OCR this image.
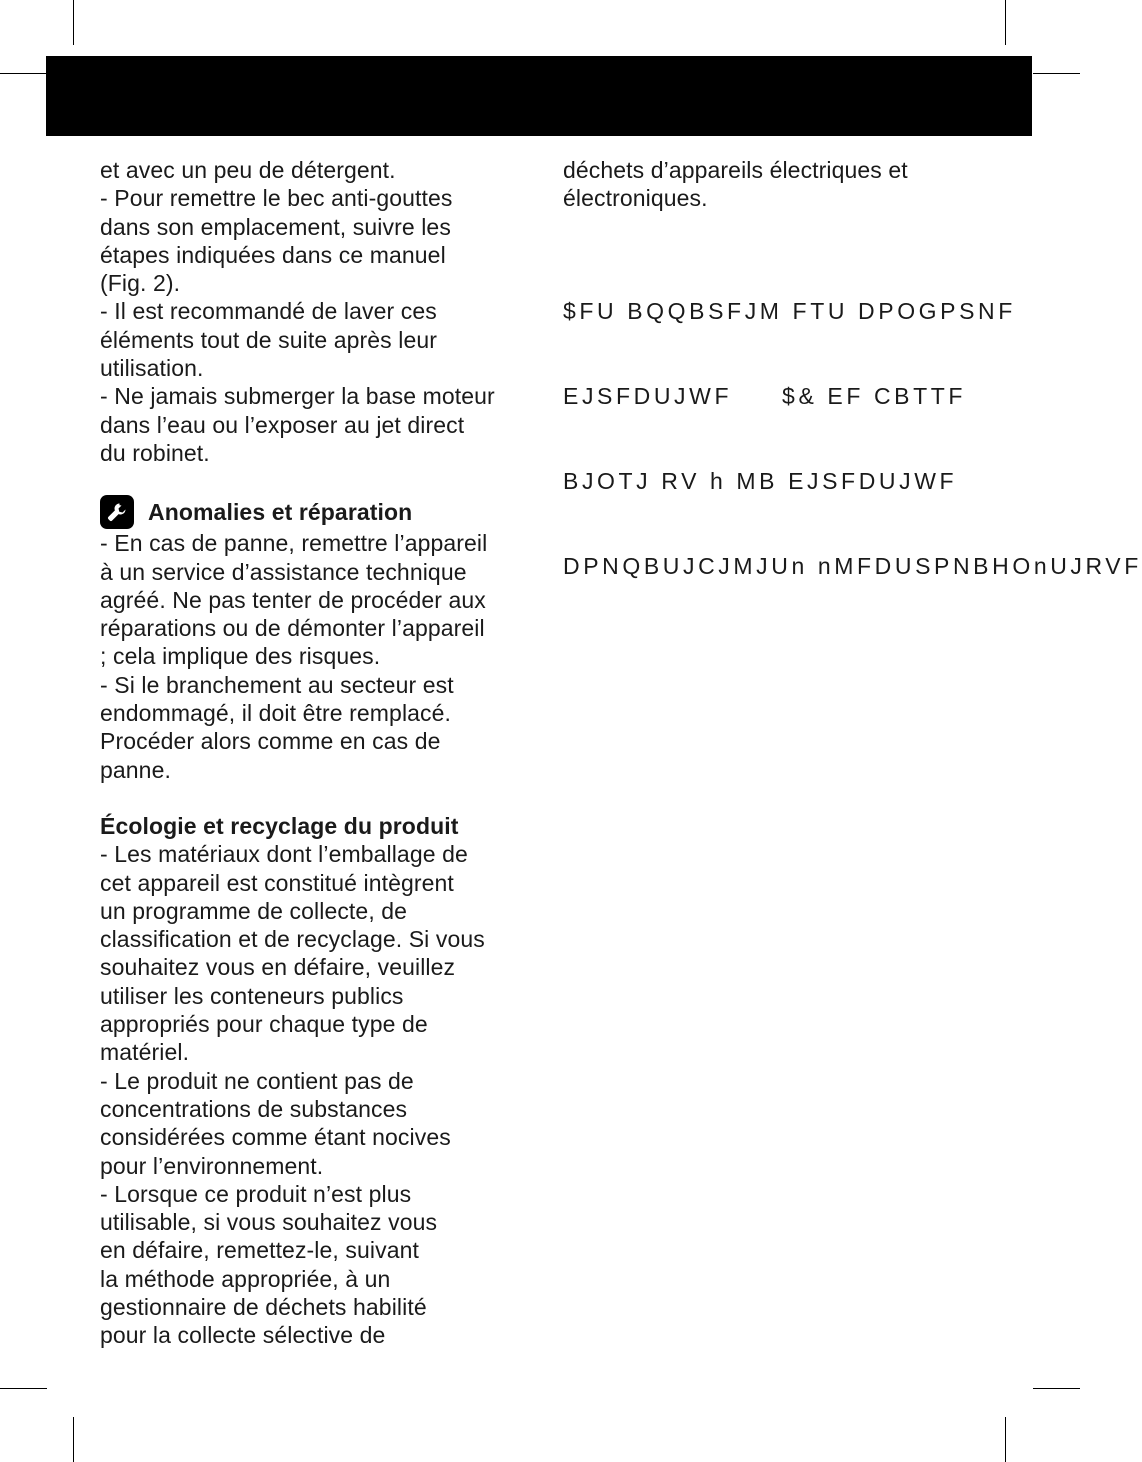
et avec un peu de détergent.

- Pour remettre le bec anti-gouttes
dans son emplacement, suivre les
étapes indiquées dans ce manuel
(Fig. 2).

- Il est recommandé de laver ces
éléments tout de suite après leur
utilisation.

- Ne jamais submerger la base moteur
dans l’eau ou l’exposer au jet direct
du robinet.

Anomalies et réparation

- En cas de panne, remettre l’appareil
à un service d’assistance technique
agréé. Ne pas tenter de procéder aux
réparations ou de démonter l’appareil
; cela implique des risques.

- Si le branchement au secteur est
endommagé, il doit être remplacé.
Procéder alors comme en cas de
panne.

Écologie et recyclage du produit

- Les matériaux dont l’emballage de
cet appareil est constitué intègrent
un programme de collecte, de
classification et de recyclage. Si vous
souhaitez vous en défaire, veuillez
utiliser les conteneurs publics
appropriés pour chaque type de
matériel.

- Le produit ne contient pas de
concentrations de substances
considérées comme étant nocives
pour l’environnement.

- Lorsque ce produit n’est plus
utilisable, si vous souhaitez vous
en défaire, remettez-le, suivant
la méthode appropriée, à un
gestionnaire de déchets habilité
pour la collecte sélective de

déchets d’appareils électriques et
électroniques.

$FU BQQBSFJM FTU DPOGPSNF

EJSFDUJWF     $& EF CBTTF

BJOTJ RV h MB EJSFDUJWF

DPNQBUJCJMJUn nMFDUSPNBHOnUJRVF
